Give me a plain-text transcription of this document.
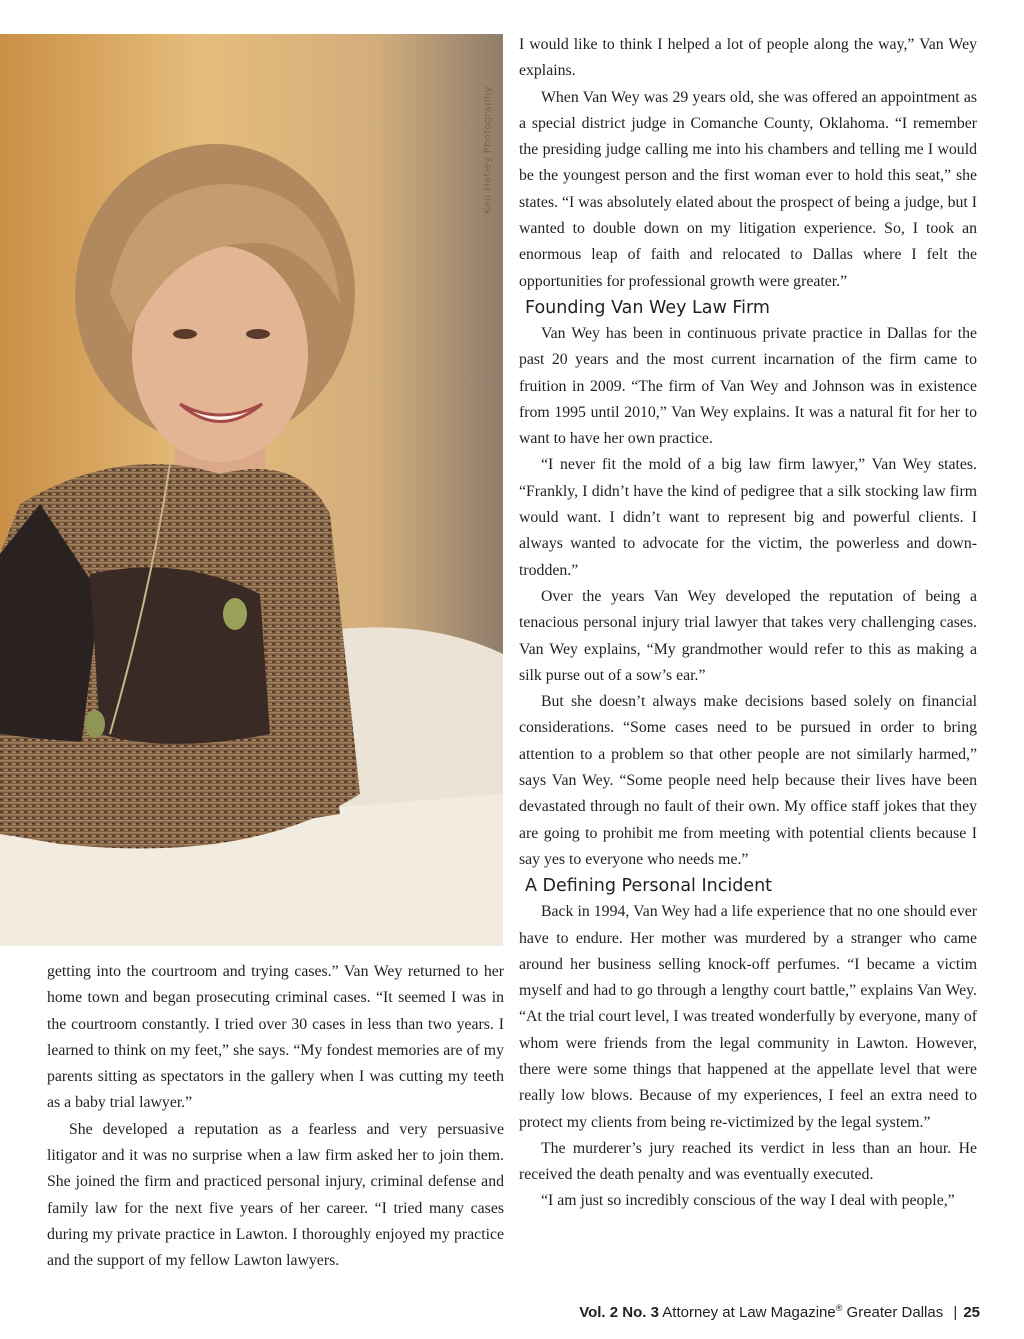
Ken Hatley Photography

getting into the courtroom and trying cases.” Van Wey returned to her home town and began prosecuting criminal cases. “It seemed I was in the courtroom constantly. I tried over 30 cases in less than two years. I learned to think on my feet,” she says. “My fondest memories are of my parents sitting as spectators in the gallery when I was cutting my teeth as a baby trial lawyer.”

She developed a reputation as a fearless and very persuasive litigator and it was no surprise when a law firm asked her to join them. She joined the firm and practiced personal injury, criminal defense and family law for the next five years of her career. “I tried many cases during my private practice in Lawton. I thoroughly enjoyed my practice and the support of my fellow Lawton lawyers.

I would like to think I helped a lot of people along the way,” Van Wey explains.

When Van Wey was 29 years old, she was offered an appointment as a special district judge in Comanche County, Oklahoma. “I remember the presiding judge calling me into his chambers and telling me I would be the youngest person and the first woman ever to hold this seat,” she states. “I was absolutely elated about the prospect of being a judge, but I wanted to double down on my litigation experience. So, I took an enormous leap of faith and relocated to Dallas where I felt the opportunities for professional growth were greater.”

Founding Van Wey Law Firm

Van Wey has been in continuous private practice in Dallas for the past 20 years and the most current incarnation of the firm came to fruition in 2009. “The firm of Van Wey and Johnson was in existence from 1995 until 2010,” Van Wey explains. It was a natural fit for her to want to have her own practice.

“I never fit the mold of a big law firm lawyer,” Van Wey states. “Frankly, I didn’t have the kind of pedigree that a silk stocking law firm would want. I didn’t want to represent big and powerful clients. I always wanted to advocate for the victim, the powerless and down-trodden.”

Over the years Van Wey developed the reputation of being a tenacious personal injury trial lawyer that takes very challenging cases. Van Wey explains, “My grandmother would refer to this as making a silk purse out of a sow’s ear.”

But she doesn’t always make decisions based solely on financial considerations. “Some cases need to be pursued in order to bring attention to a problem so that other people are not similarly harmed,” says Van Wey. “Some people need help because their lives have been devastated through no fault of their own. My office staff jokes that they are going to prohibit me from meeting with potential clients because I say yes to everyone who needs me.”

A Defining Personal Incident

Back in 1994, Van Wey had a life experience that no one should ever have to endure. Her mother was murdered by a stranger who came around her business selling knock-off perfumes. “I became a victim myself and had to go through a lengthy court battle,” explains Van Wey. “At the trial court level, I was treated wonderfully by everyone, many of whom were friends from the legal community in Lawton. However, there were some things that happened at the appellate level that were really low blows. Because of my experiences, I feel an extra need to protect my clients from being re-victimized by the legal system.”

The murderer’s jury reached its verdict in less than an hour. He received the death penalty and was eventually executed.

“I am just so incredibly conscious of the way I deal with people,”

Vol. 2 No. 3 Attorney at Law Magazine® Greater Dallas | 25
